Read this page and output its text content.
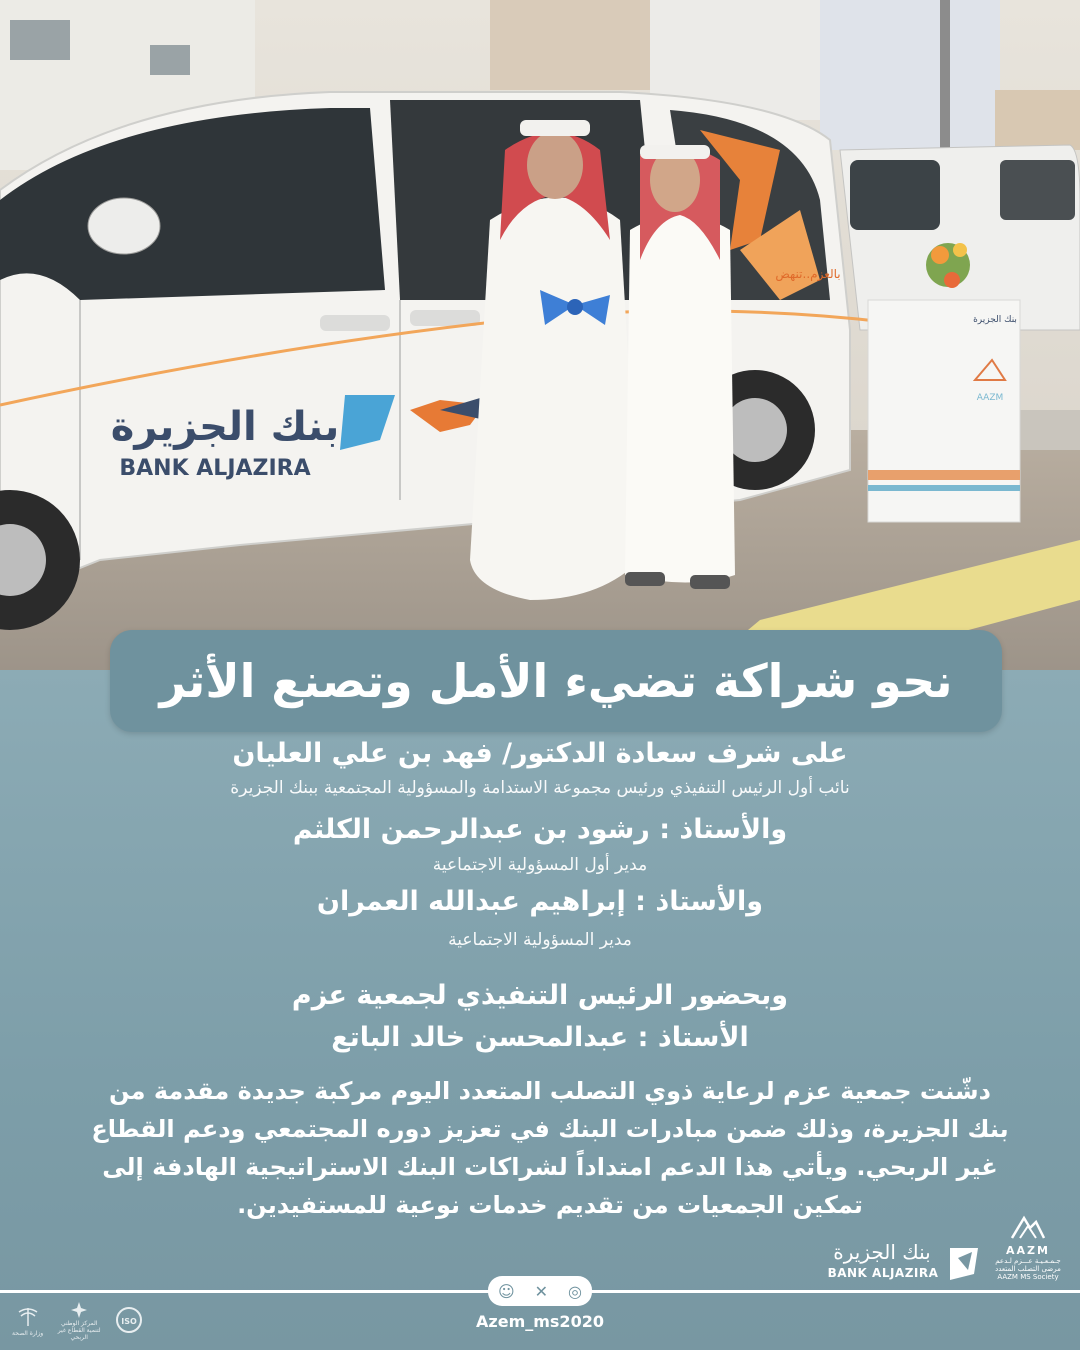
بنك الجزيرة
BANK ALJAZIRA
بالعزم..تنهض
بنك الجزيرة
AAZM
نحو شراكة تضيء الأمل وتصنع الأثر
على شرف سعادة الدكتور/ فهد بن علي العليان
نائب أول الرئيس التنفيذي ورئيس مجموعة الاستدامة والمسؤولية المجتمعية ببنك الجزيرة
والأستاذ : رشود بن عبدالرحمن الكلثم
مدير أول المسؤولية الاجتماعية
والأستاذ : إبراهيم عبدالله العمران
مدير المسؤولية الاجتماعية
وبحضور الرئيس التنفيذي لجمعية عزم
الأستاذ : عبدالمحسن خالد الباتع
دشّنت جمعية عزم لرعاية ذوي التصلب المتعدد اليوم مركبة جديدة مقدمة من بنك الجزيرة، وذلك ضمن مبادرات البنك في تعزيز دوره المجتمعي ودعم القطاع غير الربحي. ويأتي هذا الدعم امتداداً لشراكات البنك الاستراتيجية الهادفة إلى تمكين الجمعيات من تقديم خدمات نوعية للمستفيدين.
بنك الجزيرة
BANK ALJAZIRA
AAZM
جـمـعـيـة عـــزم لـدعم مرضى التصلب المتعدد
AAZM MS Society
☺ ✕ ◎
Azem_ms2020
وزارة الصحة
المركز الوطني لتنمية القطاع غير الربحي
ISO
